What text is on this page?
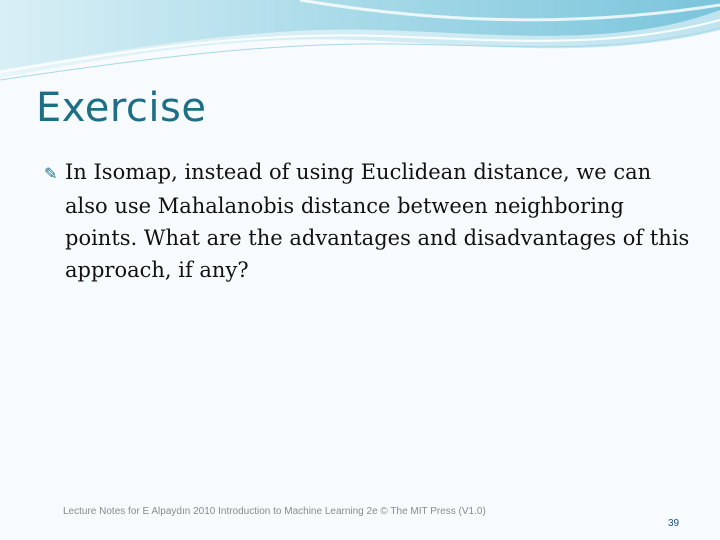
Exercise
✎ In Isomap, instead of using Euclidean distance, we can also use Mahalanobis distance between neighboring points. What are the advantages and disadvantages of this approach, if any?
Lecture Notes for E Alpaydın 2010 Introduction to Machine Learning 2e © The MIT Press (V1.0)
39
